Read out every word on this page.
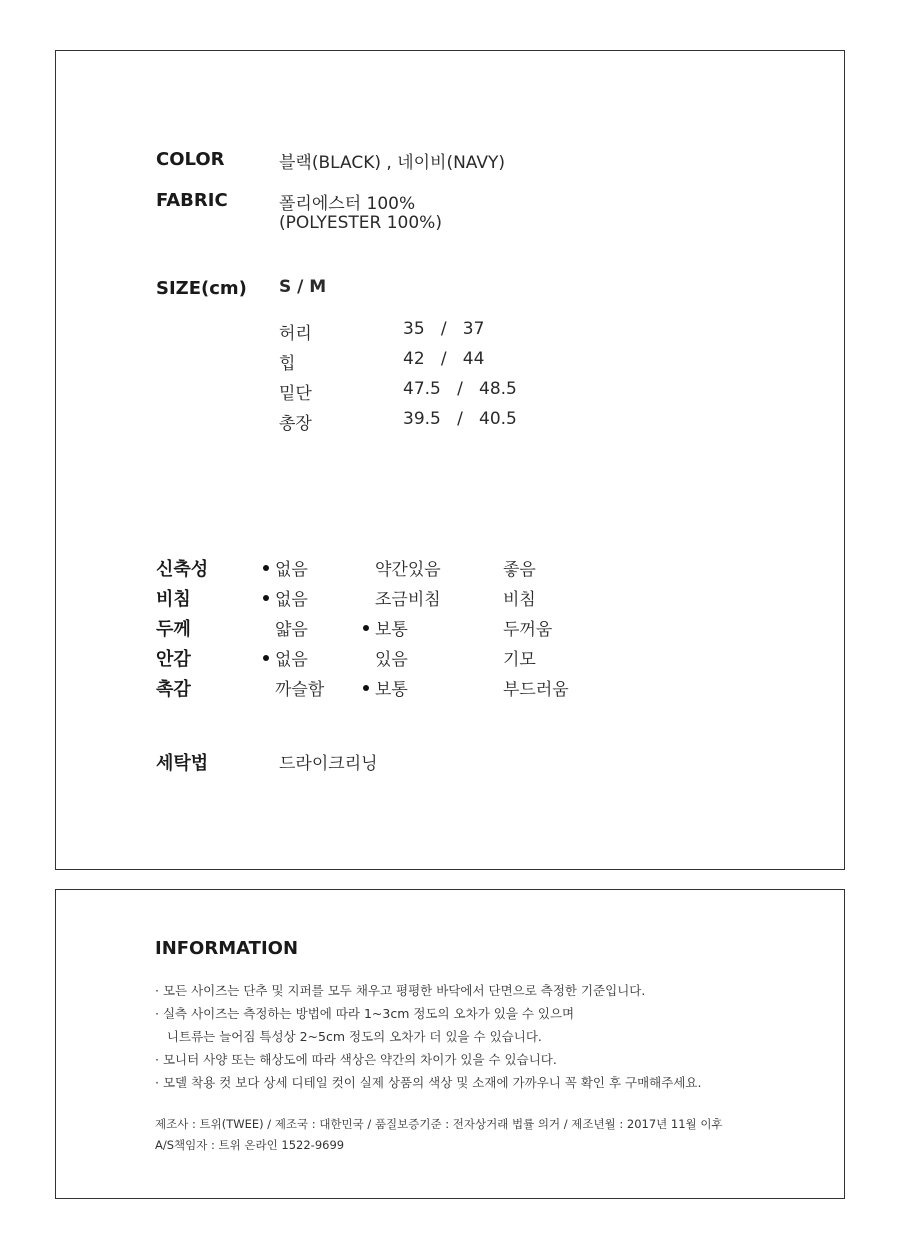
COLOR	블랙(BLACK) , 네이비(NAVY)
FABRIC	폴리에스터 100%
(POLYESTER 100%)
SIZE(cm) S / M
허리	35   /   37
힙	42   /   44
밑단	47.5   /   48.5
총장	39.5   /   40.5
신축성	없음	약간있음	좋음
비침	없음	조금비침	비침
두께	얇음	보통	두꺼움
안감	없음	있음	기모
촉감	까슬함	보통	부드러움
세탁법	드라이크리닝
INFORMATION
· 모든 사이즈는 단추 및 지퍼를 모두 채우고 평평한 바닥에서 단면으로 측정한 기준입니다.
· 실측 사이즈는 측정하는 방법에 따라 1~3cm 정도의 오차가 있을 수 있으며
니트류는 늘어짐 특성상 2~5cm 정도의 오차가 더 있을 수 있습니다.
· 모니터 사양 또는 해상도에 따라 색상은 약간의 차이가 있을 수 있습니다.
· 모델 착용 컷 보다 상세 디테일 컷이 실제 상품의 색상 및 소재에 가까우니 꼭 확인 후 구매해주세요.
제조사 : 트위(TWEE) / 제조국 : 대한민국 / 품질보증기준 : 전자상거래 법률 의거 / 제조년월 : 2017년 11월 이후
A/S책임자 : 트위 온라인 1522-9699
